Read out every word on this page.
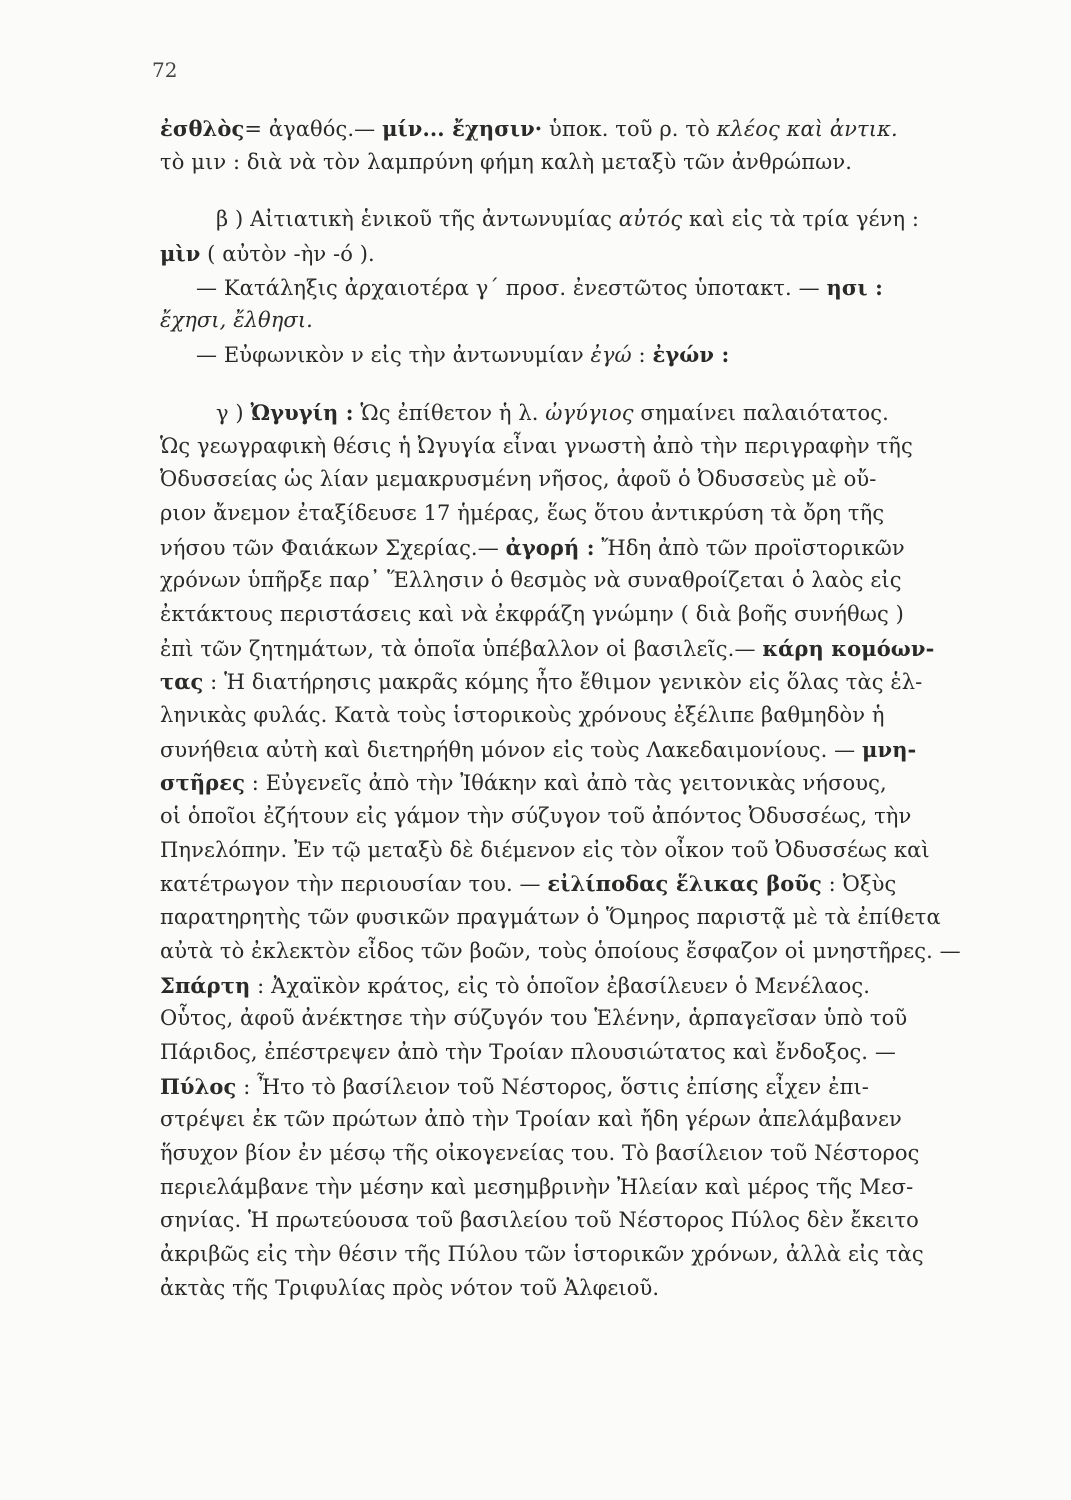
72
ἐσθλὸς= ἀγαθός.— μίν... ἔχησιν· ὑποκ. τοῦ ρ. τὸ κλέος καὶ ἀντικ.
τὸ μιν : διὰ νὰ τὸν λαμπρύνη φήμη καλὴ μεταξὺ τῶν ἀνθρώπων.
β ) Αἰτιατικὴ ἑνικοῦ τῆς ἀντωνυμίας αὐτός καὶ εἰς τὰ τρία γένη :
μὶν ( αὐτὸν -ὴν -ό ).
— Κατάληξις ἀρχαιοτέρα γ΄ προσ. ἐνεστῶτος ὑποτακτ. — ησι :
ἔχησι, ἔλθησι.
— Εὐφωνικὸν ν εἰς τὴν ἀντωνυμίαν ἐγώ : ἐγών :
γ ) Ὠγυγίη : Ὡς ἐπίθετον ἡ λ. ὠγύγιος σημαίνει παλαιότατος.
Ὡς γεωγραφικὴ θέσις ἡ Ὠγυγία εἶναι γνωστὴ ἀπὸ τὴν περιγραφὴν τῆς
Ὀδυσσείας ὡς λίαν μεμακρυσμένη νῆσος, ἀφοῦ ὁ Ὀδυσσεὺς μὲ οὔ-
ριον ἄνεμον ἐταξίδευσε 17 ἡμέρας, ἕως ὅτου ἀντικρύση τὰ ὄρη τῆς
νήσου τῶν Φαιάκων Σχερίας.— ἀγορή : Ἤδη ἀπὸ τῶν προϊστορικῶν
χρόνων ὑπῆρξε παρ᾽ Ἕλλησιν ὁ θεσμὸς νὰ συναθροίζεται ὁ λαὸς εἰς
ἐκτάκτους περιστάσεις καὶ νὰ ἐκφράζη γνώμην ( διὰ βοῆς συνήθως )
ἐπὶ τῶν ζητημάτων, τὰ ὁποῖα ὑπέβαλλον οἱ βασιλεῖς.— κάρη κομόων-
τας : Ἡ διατήρησις μακρᾶς κόμης ἦτο ἔθιμον γενικὸν εἰς ὅλας τὰς ἑλ-
ληνικὰς φυλάς. Κατὰ τοὺς ἱστορικοὺς χρόνους ἐξέλιπε βαθμηδὸν ἡ
συνήθεια αὐτὴ καὶ διετηρήθη μόνον εἰς τοὺς Λακεδαιμονίους. — μνη-
στῆρες : Εὐγενεῖς ἀπὸ τὴν Ἰθάκην καὶ ἀπὸ τὰς γειτονικὰς νήσους,
οἱ ὁποῖοι ἐζήτουν εἰς γάμον τὴν σύζυγον τοῦ ἀπόντος Ὀδυσσέως, τὴν
Πηνελόπην. Ἐν τῷ μεταξὺ δὲ διέμενον εἰς τὸν οἶκον τοῦ Ὀδυσσέως καὶ
κατέτρωγον τὴν περιουσίαν του. — εἰλίποδας ἕλικας βοῦς : Ὀξὺς
παρατηρητὴς τῶν φυσικῶν πραγμάτων ὁ Ὅμηρος παριστᾷ μὲ τὰ ἐπίθετα
αὐτὰ τὸ ἐκλεκτὸν εἶδος τῶν βοῶν, τοὺς ὁποίους ἔσφαζον οἱ μνηστῆρες. —
Σπάρτη : Ἀχαϊκὸν κράτος, εἰς τὸ ὁποῖον ἐβασίλευεν ὁ Μενέλαος.
Οὗτος, ἀφοῦ ἀνέκτησε τὴν σύζυγόν του Ἑλένην, ἁρπαγεῖσαν ὑπὸ τοῦ
Πάριδος, ἐπέστρεψεν ἀπὸ τὴν Τροίαν πλουσιώτατος καὶ ἔνδοξος. —
Πύλος : Ἦτο τὸ βασίλειον τοῦ Νέστορος, ὅστις ἐπίσης εἶχεν ἐπι-
στρέψει ἐκ τῶν πρώτων ἀπὸ τὴν Τροίαν καὶ ἤδη γέρων ἀπελάμβανεν
ἥσυχον βίον ἐν μέσῳ τῆς οἰκογενείας του. Τὸ βασίλειον τοῦ Νέστορος
περιελάμβανε τὴν μέσην καὶ μεσημβρινὴν Ἠλείαν καὶ μέρος τῆς Μεσ-
σηνίας. Ἡ πρωτεύουσα τοῦ βασιλείου τοῦ Νέστορος Πύλος δὲν ἔκειτο
ἀκριβῶς εἰς τὴν θέσιν τῆς Πύλου τῶν ἱστορικῶν χρόνων, ἀλλὰ εἰς τὰς
ἀκτὰς τῆς Τριφυλίας πρὸς νότον τοῦ Ἀλφειοῦ.
